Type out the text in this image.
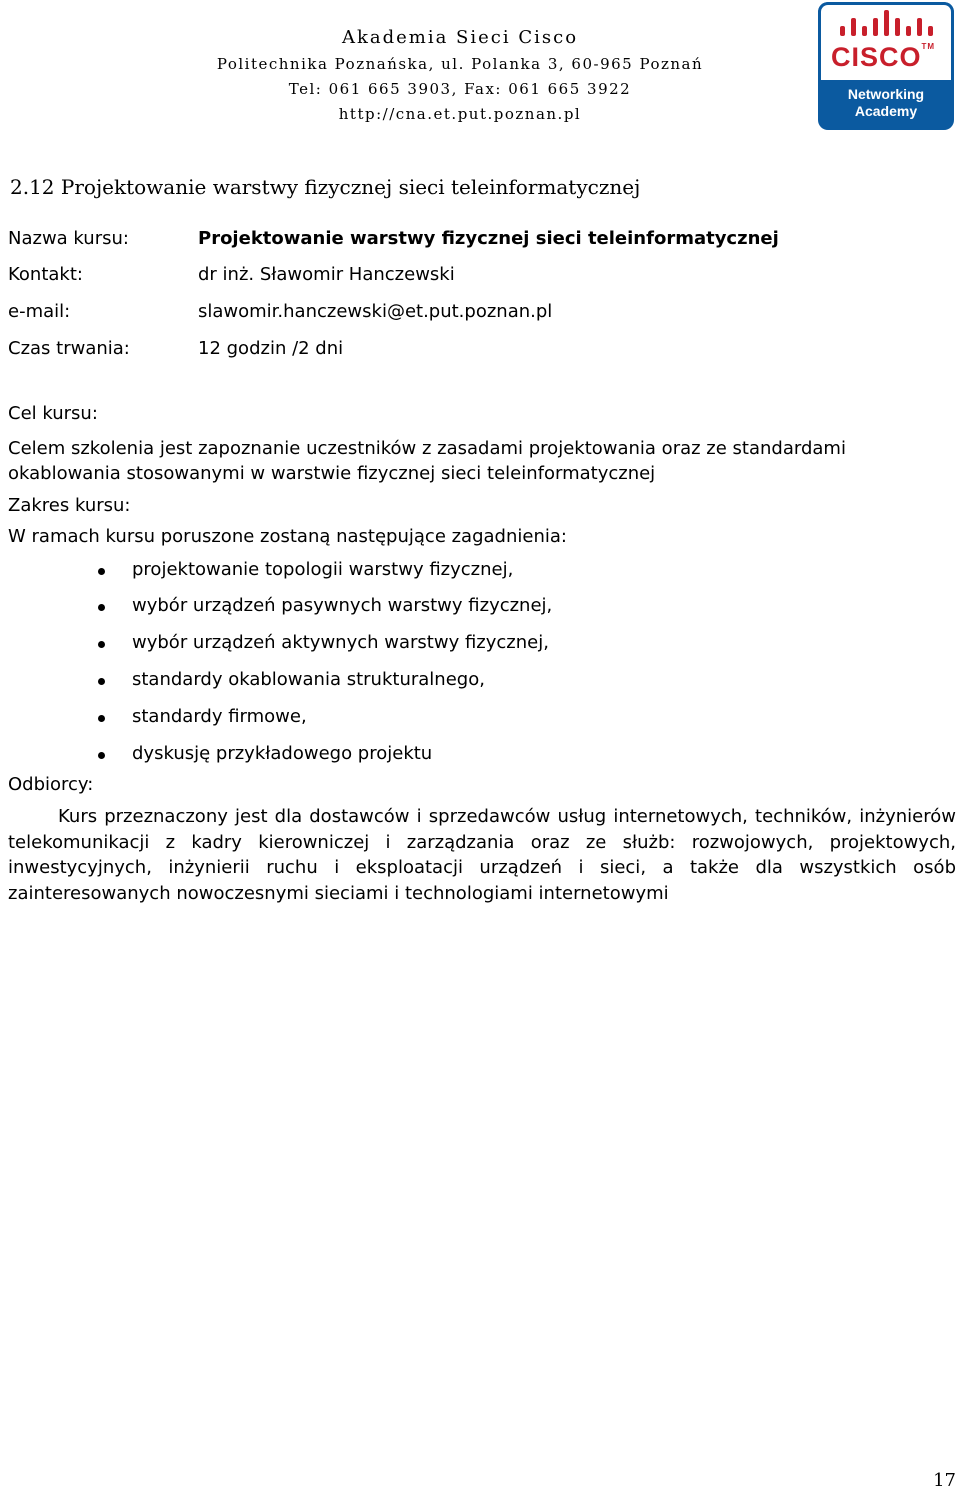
Akademia Sieci Cisco
Politechnika Poznańska, ul. Polanka 3, 60-965 Poznań
Tel: 061 665 3903, Fax: 061 665 3922
http://cna.et.put.poznan.pl
CISCO™
Networking
Academy
2.12 Projektowanie warstwy fizycznej sieci teleinformatycznej
Nazwa kursu:	Projektowanie warstwy fizycznej sieci teleinformatycznej
Kontakt:	dr inż. Sławomir Hanczewski
e-mail:	slawomir.hanczewski@et.put.poznan.pl
Czas trwania:	12 godzin /2 dni
Cel kursu:
Celem szkolenia jest zapoznanie uczestników z zasadami projektowania oraz ze standardami
okablowania stosowanymi w warstwie fizycznej sieci teleinformatycznej
Zakres kursu:
W ramach kursu poruszone zostaną następujące zagadnienia:
projektowanie topologii warstwy fizycznej,
wybór urządzeń pasywnych warstwy fizycznej,
wybór urządzeń aktywnych warstwy fizycznej,
standardy okablowania strukturalnego,
standardy firmowe,
dyskusję przykładowego projektu
Odbiorcy:
Kurs przeznaczony jest dla dostawców i sprzedawców usług internetowych, techników, inżynierów telekomunikacji z kadry kierowniczej i zarządzania oraz ze służb: rozwojowych, projektowych, inwestycyjnych, inżynierii ruchu i eksploatacji urządzeń i sieci, a także dla wszystkich osób zainteresowanych nowoczesnymi sieciami i technologiami internetowymi
17
